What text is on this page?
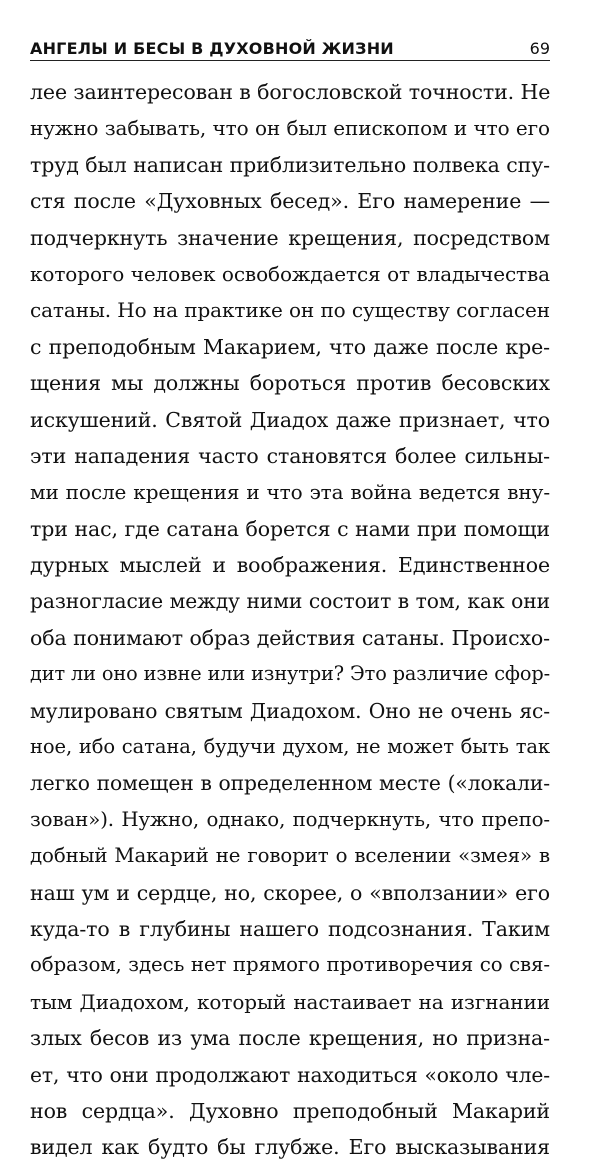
АНГЕЛЫ И БЕСЫ В ДУХОВНОЙ ЖИЗНИ	69
лее заинтересован в богословской точности. Не
нужно забывать, что он был епископом и что его
труд был написан приблизительно полвека спу-
стя после «Духовных бесед». Его намерение —
подчеркнуть значение крещения, посредством
которого человек освобождается от владычества
сатаны. Но на практике он по существу согласен
с преподобным Макарием, что даже после кре-
щения мы должны бороться против бесовских
искушений. Святой Диадох даже признает, что
эти нападения часто становятся более сильны-
ми после крещения и что эта война ведется вну-
три нас, где сатана борется с нами при помощи
дурных мыслей и воображения. Единственное
разногласие между ними состоит в том, как они
оба понимают образ действия сатаны. Происхо-
дит ли оно извне или изнутри? Это различие сфор-
мулировано святым Диадохом. Оно не очень яс-
ное, ибо сатана, будучи духом, не может быть так
легко помещен в определенном месте («локали-
зован»). Нужно, однако, подчеркнуть, что препо-
добный Макарий не говорит о вселении «змея» в
наш ум и сердце, но, скорее, о «вползании» его
куда-то в глубины нашего подсознания. Таким
образом, здесь нет прямого противоречия со свя-
тым Диадохом, который настаивает на изгнании
злых бесов из ума после крещения, но призна-
ет, что они продолжают находиться «около чле-
нов сердца». Духовно преподобный Макарий
видел как будто бы глубже. Его высказывания
